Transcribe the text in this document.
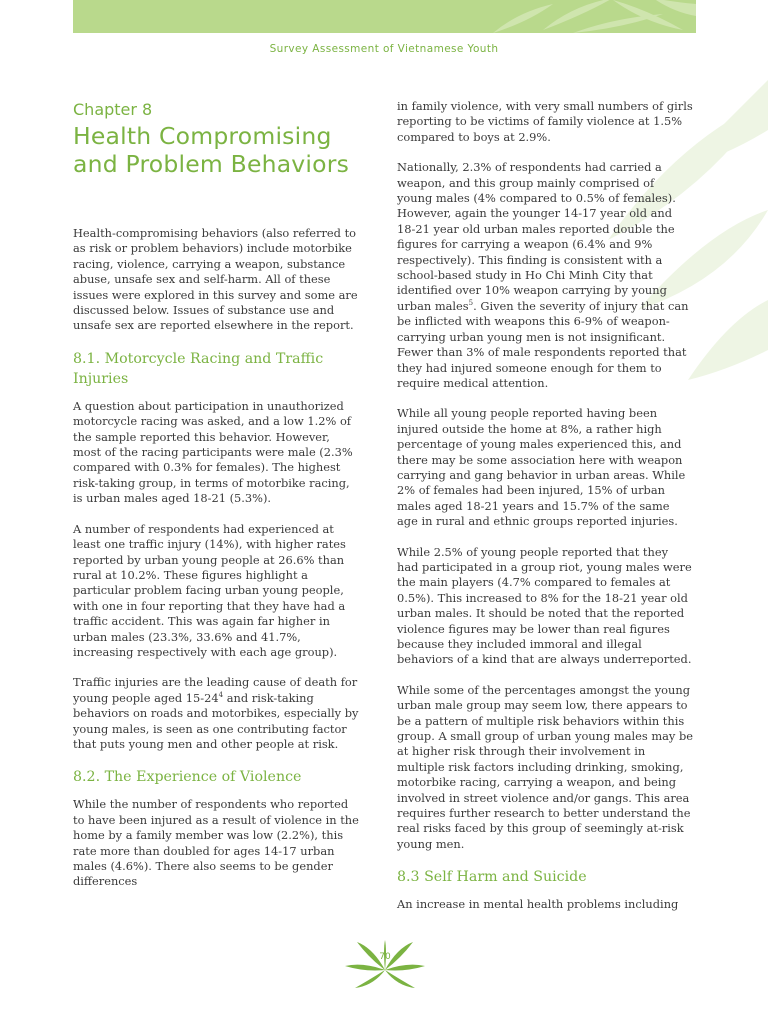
Survey Assessment of Vietnamese Youth
Chapter 8
Health Compromising
and Problem Behaviors

Health-compromising behaviors (also referred to as risk or problem behaviors) include motorbike racing, violence, carrying a weapon, substance abuse, unsafe sex and self-harm. All of these issues were explored in this survey and some are discussed below. Issues of substance use and unsafe sex are reported elsewhere in the report.

8.1. Motorcycle Racing and Traffic Injuries

A question about participation in unauthorized motorcycle racing was asked, and a low 1.2% of the sample reported this behavior. However, most of the racing participants were male (2.3% compared with 0.3% for females). The highest risk-taking group, in terms of motorbike racing, is urban males aged 18-21 (5.3%).

A number of respondents had experienced at least one traffic injury (14%), with higher rates reported by urban young people at 26.6% than rural at 10.2%. These figures highlight a particular problem facing urban young people, with one in four reporting that they have had a traffic accident. This was again far higher in urban males (23.3%, 33.6% and 41.7%, increasing respectively with each age group).

Traffic injuries are the leading cause of death for young people aged $15-24^4$ and risk-taking behaviors on roads and motorbikes, especially by young males, is seen as one contributing factor that puts young men and other people at risk.

8.2. The Experience of Violence

While the number of respondents who reported to have been injured as a result of violence in the home by a family member was low (2.2%), this rate more than doubled for ages 14-17 urban males (4.6%). There also seems to be gender differences

in family violence, with very small numbers of girls reporting to be victims of family violence at 1.5% compared to boys at 2.9%.

Nationally, 2.3% of respondents had carried a weapon, and this group mainly comprised of young males (4% compared to 0.5% of females). However, again the younger 14-17 year old and 18-21 year old urban males reported double the figures for carrying a weapon (6.4% and 9% respectively). This finding is consistent with a school-based study in Ho Chi Minh City that identified over 10% weapon carrying by young urban males$^5$. Given the severity of injury that can be inflicted with weapons this 6-9% of weapon-carrying urban young men is not insignificant. Fewer than 3% of male respondents reported that they had injured someone enough for them to require medical attention.

While all young people reported having been injured outside the home at 8%, a rather high percentage of young males experienced this, and there may be some association here with weapon carrying and gang behavior in urban areas. While 2% of females had been injured, 15% of urban males aged 18-21 years and 15.7% of the same age in rural and ethnic groups reported injuries.

While 2.5% of young people reported that they had participated in a group riot, young males were the main players (4.7% compared to females at 0.5%). This increased to 8% for the 18-21 year old urban males. It should be noted that the reported violence figures may be lower than real figures because they included immoral and illegal behaviors of a kind that are always underreported.

While some of the percentages amongst the young urban male group may seem low, there appears to be a pattern of multiple risk behaviors within this group. A small group of urban young males may be at higher risk through their involvement in multiple risk factors including drinking, smoking, motorbike racing, carrying a weapon, and being involved in street violence and/or gangs. This area requires further research to better understand the real risks faced by this group of seemingly at-risk young men.

8.3 Self Harm and Suicide

An increase in mental health problems including

70
